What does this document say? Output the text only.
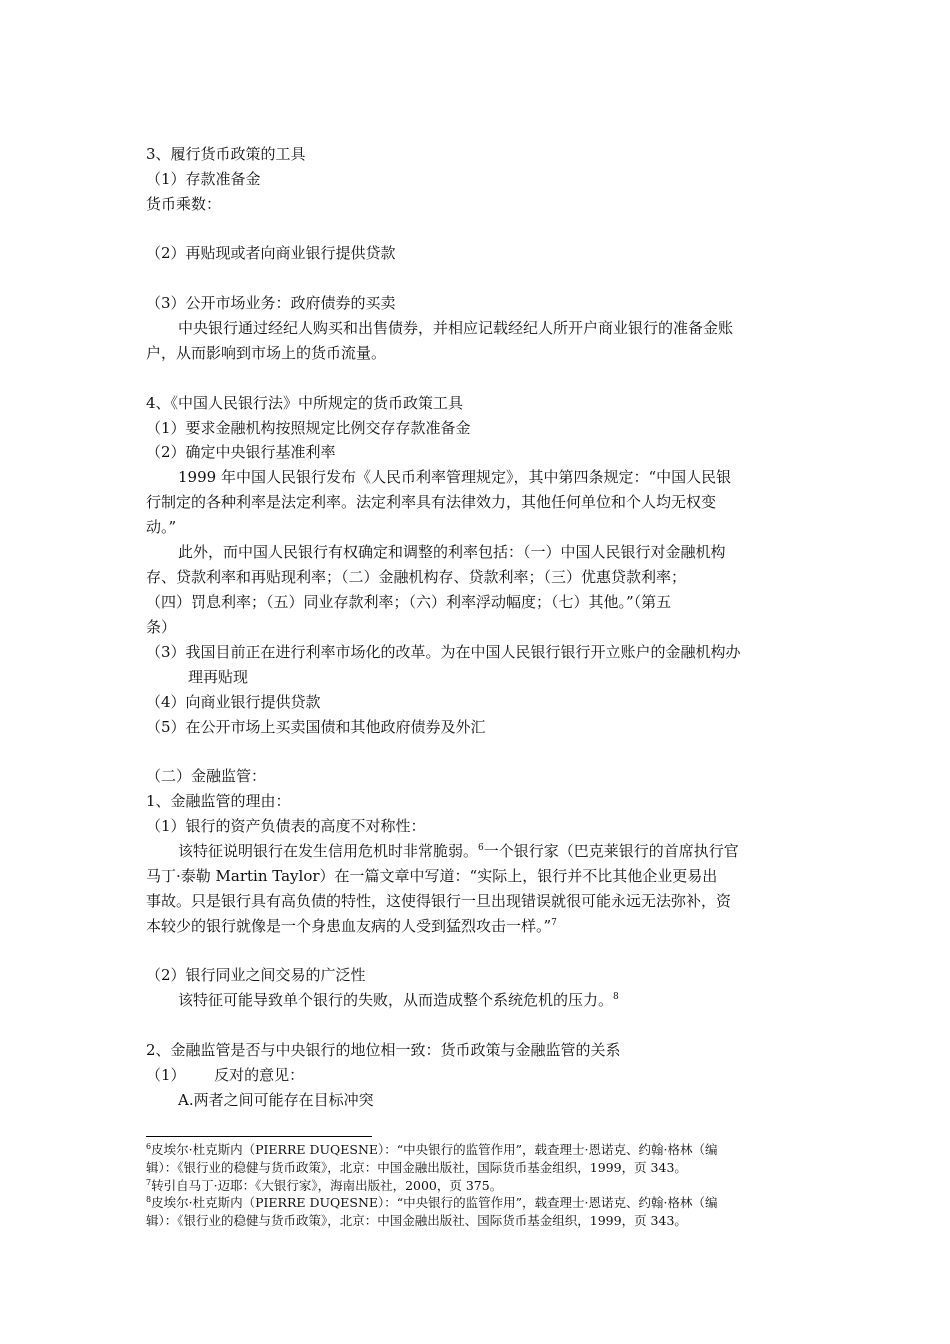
3、履行货币政策的工具
（1）存款准备金
货币乘数：
（2）再贴现或者向商业银行提供贷款
（3）公开市场业务：政府债券的买卖
中央银行通过经纪人购买和出售债券，并相应记载经纪人所开户商业银行的准备金账
户，从而影响到市场上的货币流量。
4、《中国人民银行法》中所规定的货币政策工具
（1）要求金融机构按照规定比例交存存款准备金
（2）确定中央银行基准利率
1999 年中国人民银行发布《人民币利率管理规定》，其中第四条规定：“中国人民银
行制定的各种利率是法定利率。法定利率具有法律效力，其他任何单位和个人均无权变
动。”
此外，而中国人民银行有权确定和调整的利率包括：（一）中国人民银行对金融机构
存、贷款利率和再贴现利率；（二）金融机构存、贷款利率；（三）优惠贷款利率；
（四）罚息利率；（五）同业存款利率；（六）利率浮动幅度；（七）其他。”（第五
条）
（3）我国目前正在进行利率市场化的改革。为在中国人民银行银行开立账户的金融机构办
理再贴现
（4）向商业银行提供贷款
（5）在公开市场上买卖国债和其他政府债券及外汇
（二）金融监管：
1、金融监管的理由：
（1）银行的资产负债表的高度不对称性：
该特征说明银行在发生信用危机时非常脆弱。$^6$一个银行家（巴克莱银行的首席执行官
马丁·泰勒 Martin Taylor）在一篇文章中写道：“实际上，银行并不比其他企业更易出
事故。只是银行具有高负债的特性，这使得银行一旦出现错误就很可能永远无法弥补，资
本较少的银行就像是一个身患血友病的人受到猛烈攻击一样。”$^7$
（2）银行同业之间交易的广泛性
该特征可能导致单个银行的失败，从而造成整个系统危机的压力。$^8$
2、金融监管是否与中央银行的地位相一致：货币政策与金融监管的关系
（1）      反对的意见：
A.两者之间可能存在目标冲突
$^6$皮埃尔·杜克斯内（PIERRE DUQESNE）：“中央银行的监管作用”，载查理士·恩诺克、约翰·格林（编
辑）：《银行业的稳健与货币政策》，北京：中国金融出版社，国际货币基金组织，1999，页 343。
$^7$转引自马丁·迈耶：《大银行家》，海南出版社，2000，页 375。
$^8$皮埃尔·杜克斯内（PIERRE DUQESNE）：“中央银行的监管作用”，载查理士·恩诺克、约翰·格林（编
辑）：《银行业的稳健与货币政策》，北京：中国金融出版社、国际货币基金组织，1999，页 343。
